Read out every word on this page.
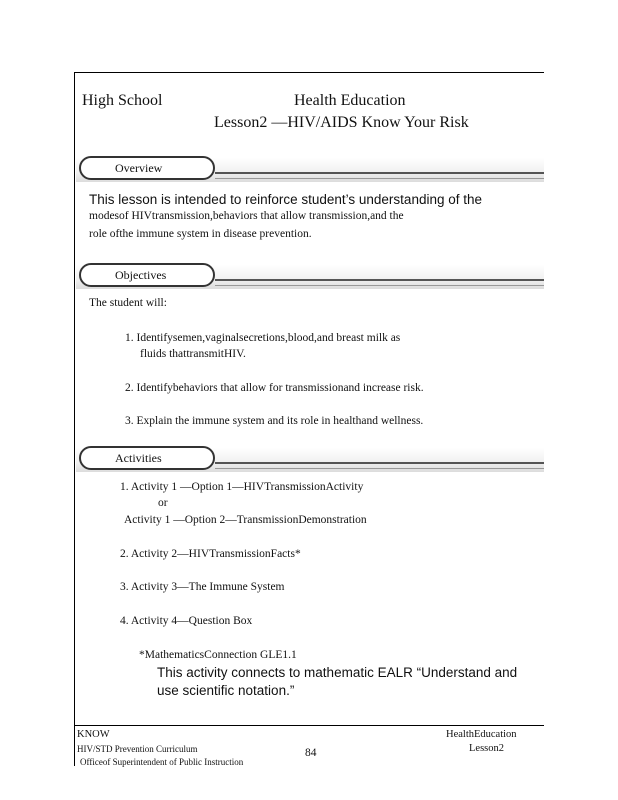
High School	Health Education
Lesson2 —HIV/AIDS Know Your Risk
Overview
This lesson is intended to reinforce student’s understanding of the
modesof HIVtransmission,behaviors that allow transmission,and the
role ofthe immune system in disease prevention.
Objectives
The student will:
1. Identifysemen,vaginalsecretions,blood,and breast milk as
fluids thattransmitHIV.
2. Identifybehaviors that allow for transmissionand increase risk.
3. Explain the immune system and its role in healthand wellness.
Activities
1. Activity 1 —Option 1—HIVTransmissionActivity
or
Activity 1 —Option 2—TransmissionDemonstration
2. Activity 2—HIVTransmissionFacts*
3. Activity 3—The Immune System
4. Activity 4—Question Box
*MathematicsConnection GLE1.1
This activity connects to mathematic EALR “Understand and
use scientific notation.”
KNOW
HIV/STD Prevention Curriculum
Officeof Superintendent of Public Instruction
84
HealthEducation
Lesson2
